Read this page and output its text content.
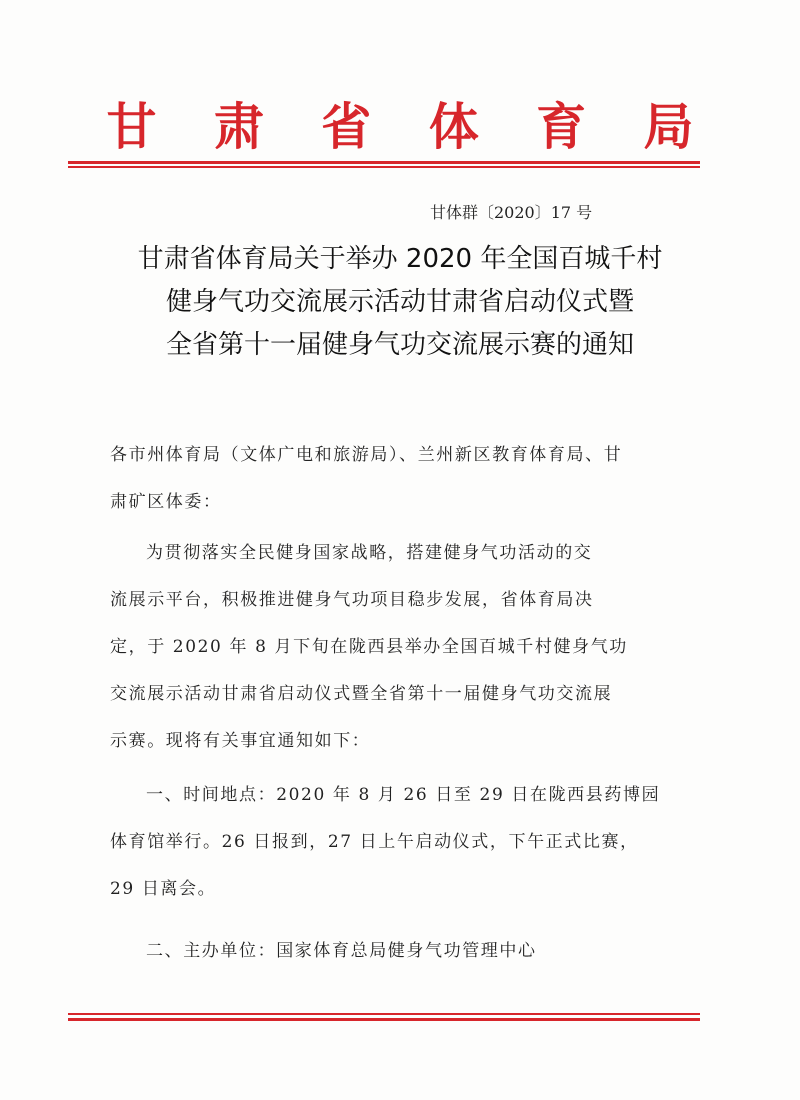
甘 肃 省 体 育 局
甘体群〔2020〕17 号
甘肃省体育局关于举办 2020 年全国百城千村
健身气功交流展示活动甘肃省启动仪式暨
全省第十一届健身气功交流展示赛的通知
各市州体育局（文体广电和旅游局）、兰州新区教育体育局、甘
肃矿区体委：
为贯彻落实全民健身国家战略，搭建健身气功活动的交
流展示平台，积极推进健身气功项目稳步发展，省体育局决
定，于 2020 年 8 月下旬在陇西县举办全国百城千村健身气功
交流展示活动甘肃省启动仪式暨全省第十一届健身气功交流展
示赛。现将有关事宜通知如下：
一、时间地点：2020 年 8 月 26 日至 29 日在陇西县药博园
体育馆举行。26 日报到，27 日上午启动仪式，下午正式比赛，
29 日离会。
二、主办单位：国家体育总局健身气功管理中心
